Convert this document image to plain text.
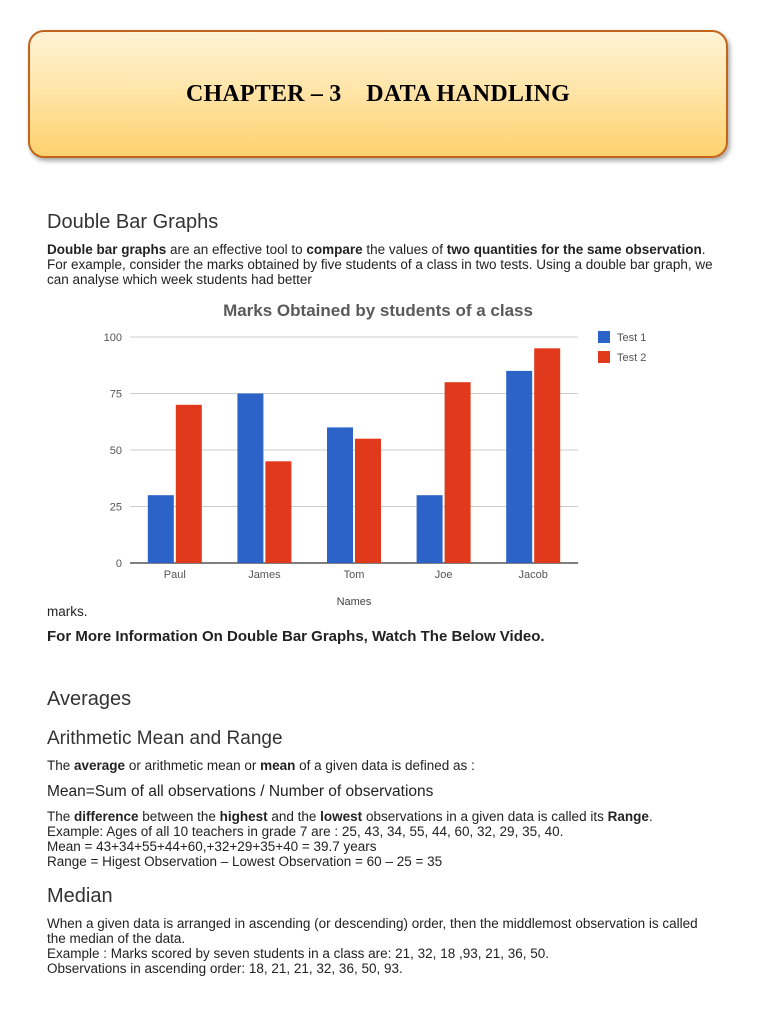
CHAPTER – 3    DATA HANDLING
Double Bar Graphs

Double bar graphs are an effective tool to compare the values of two quantities for the same observation.
For example, consider the marks obtained by five students of a class in two tests. Using a double bar graph, we
can analyse which week students had better

Marks Obtained by students of a class
0
25
50
75
100
Paul	James	Tom	Joe	Jacob
Names
Test 1
Test 2

marks.

For More Information On Double Bar Graphs, Watch The Below Video.
Averages
Arithmetic Mean and Range

The average or arithmetic mean or mean of a given data is defined as :

Mean=Sum of all observations / Number of observations

The difference between the highest and the lowest observations in a given data is called its Range.
Example: Ages of all 10 teachers in grade 7 are : 25, 43, 34, 55, 44, 60, 32, 29, 35, 40.
Mean = 43+34+55+44+60,+32+29+35+40 = 39.7 years
Range = Higest Observation – Lowest Observation = 60 – 25 = 35

Median

When a given data is arranged in ascending (or descending) order, then the middlemost observation is called
the median of the data.
Example : Marks scored by seven students in a class are: 21, 32, 18 ,93, 21, 36, 50.
Observations in ascending order: 18, 21, 21, 32, 36, 50, 93.
